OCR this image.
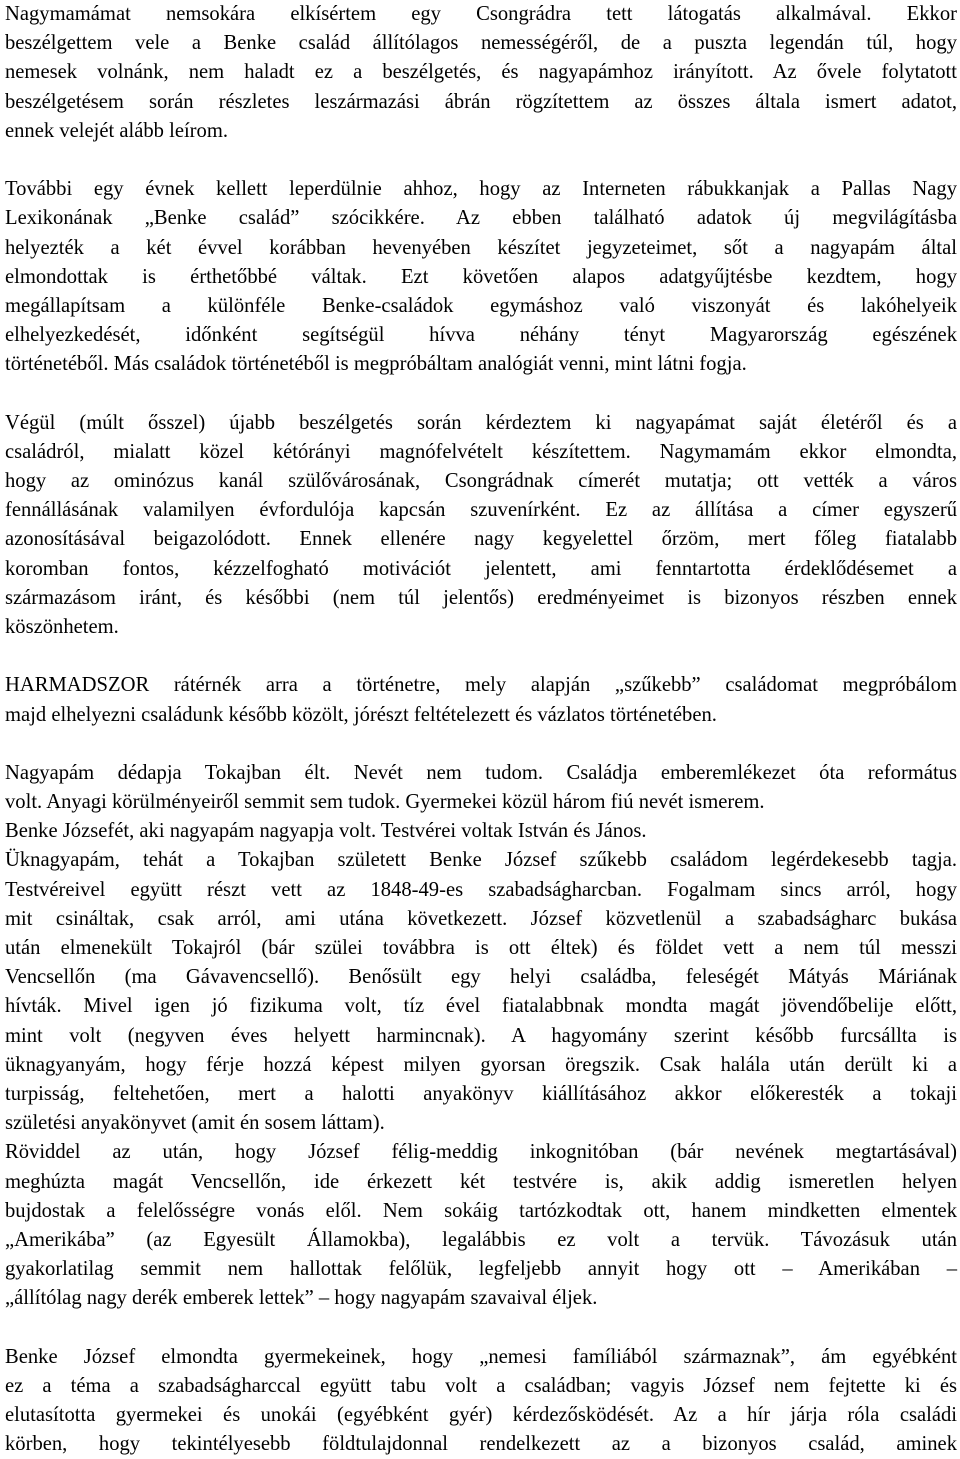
Nagymamámat nemsokára elkísértem egy Csongrádra tett látogatás alkalmával. Ekkor
beszélgettem vele a Benke család állítólagos nemességéről, de a puszta legendán túl, hogy
nemesek volnánk, nem haladt ez a beszélgetés, és nagyapámhoz irányított. Az ővele folytatott
beszélgetésem során részletes leszármazási ábrán rögzítettem az összes általa ismert adatot,
ennek velejét alább leírom.
További egy évnek kellett leperdülnie ahhoz, hogy az Interneten rábukkanjak a Pallas Nagy
Lexikonának „Benke család” szócikkére. Az ebben található adatok új megvilágításba
helyezték a két évvel korábban hevenyében készítet jegyzeteimet, sőt a nagyapám által
elmondottak is érthetőbbé váltak. Ezt követően alapos adatgyűjtésbe kezdtem, hogy
megállapítsam a különféle Benke-családok egymáshoz való viszonyát és lakóhelyeik
elhelyezkedését, időnként segítségül hívva néhány tényt Magyarország egészének
történetéből. Más családok történetéből is megpróbáltam analógiát venni, mint látni fogja.
Végül (múlt ősszel) újabb beszélgetés során kérdeztem ki nagyapámat saját életéről és a
családról, mialatt közel kétórányi magnófelvételt készítettem. Nagymamám ekkor elmondta,
hogy az ominózus kanál szülővárosának, Csongrádnak címerét mutatja; ott vették a város
fennállásának valamilyen évfordulója kapcsán szuvenírként. Ez az állítása a címer egyszerű
azonosításával beigazolódott. Ennek ellenére nagy kegyelettel őrzöm, mert főleg fiatalabb
koromban fontos, kézzelfogható motivációt jelentett, ami fenntartotta érdeklődésemet a
származásom iránt, és későbbi (nem túl jelentős) eredményeimet is bizonyos részben ennek
köszönhetem.
HARMADSZOR rátérnék arra a történetre, mely alapján „szűkebb” családomat megpróbálom
majd elhelyezni családunk később közölt, jórészt feltételezett és vázlatos történetében.
Nagyapám dédapja Tokajban élt. Nevét nem tudom. Családja emberemlékezet óta református
volt. Anyagi körülményeiről semmit sem tudok. Gyermekei közül három fiú nevét ismerem.
Benke Józsefét, aki nagyapám nagyapja volt. Testvérei voltak István és János.
Üknagyapám, tehát a Tokajban született Benke József szűkebb családom legérdekesebb tagja.
Testvéreivel együtt részt vett az 1848-49-es szabadságharcban. Fogalmam sincs arról, hogy
mit csináltak, csak arról, ami utána következett. József közvetlenül a szabadságharc bukása
után elmenekült Tokajról (bár szülei továbbra is ott éltek) és földet vett a nem túl messzi
Vencsellőn (ma Gávavencsellő). Benősült egy helyi családba, feleségét Mátyás Máriának
hívták. Mivel igen jó fizikuma volt, tíz ével fiatalabbnak mondta magát jövendőbelije előtt,
mint volt (negyven éves helyett harmincnak). A hagyomány szerint később furcsállta is
üknagyanyám, hogy férje hozzá képest milyen gyorsan öregszik. Csak halála után derült ki a
turpisság, feltehetően, mert a halotti anyakönyv kiállításához akkor előkeresték a tokaji
születési anyakönyvet (amit én sosem láttam).
Röviddel az után, hogy József félig-meddig inkognitóban (bár nevének megtartásával)
meghúzta magát Vencsellőn, ide érkezett két testvére is, akik addig ismeretlen helyen
bujdostak a felelősségre vonás elől. Nem sokáig tartózkodtak ott, hanem mindketten elmentek
„Amerikába” (az Egyesült Államokba), legalábbis ez volt a tervük. Távozásuk után
gyakorlatilag semmit nem hallottak felőlük, legfeljebb annyit hogy ott – Amerikában –
„állítólag nagy derék emberek lettek” – hogy nagyapám szavaival éljek.
Benke József elmondta gyermekeinek, hogy „nemesi famíliából származnak”, ám egyébként
ez a téma a szabadságharccal együtt tabu volt a családban; vagyis József nem fejtette ki és
elutasította gyermekei és unokái (egyébként gyér) kérdezősködését. Az a hír járja róla családi
körben, hogy tekintélyesebb földtulajdonnal rendelkezett az a bizonyos család, aminek
